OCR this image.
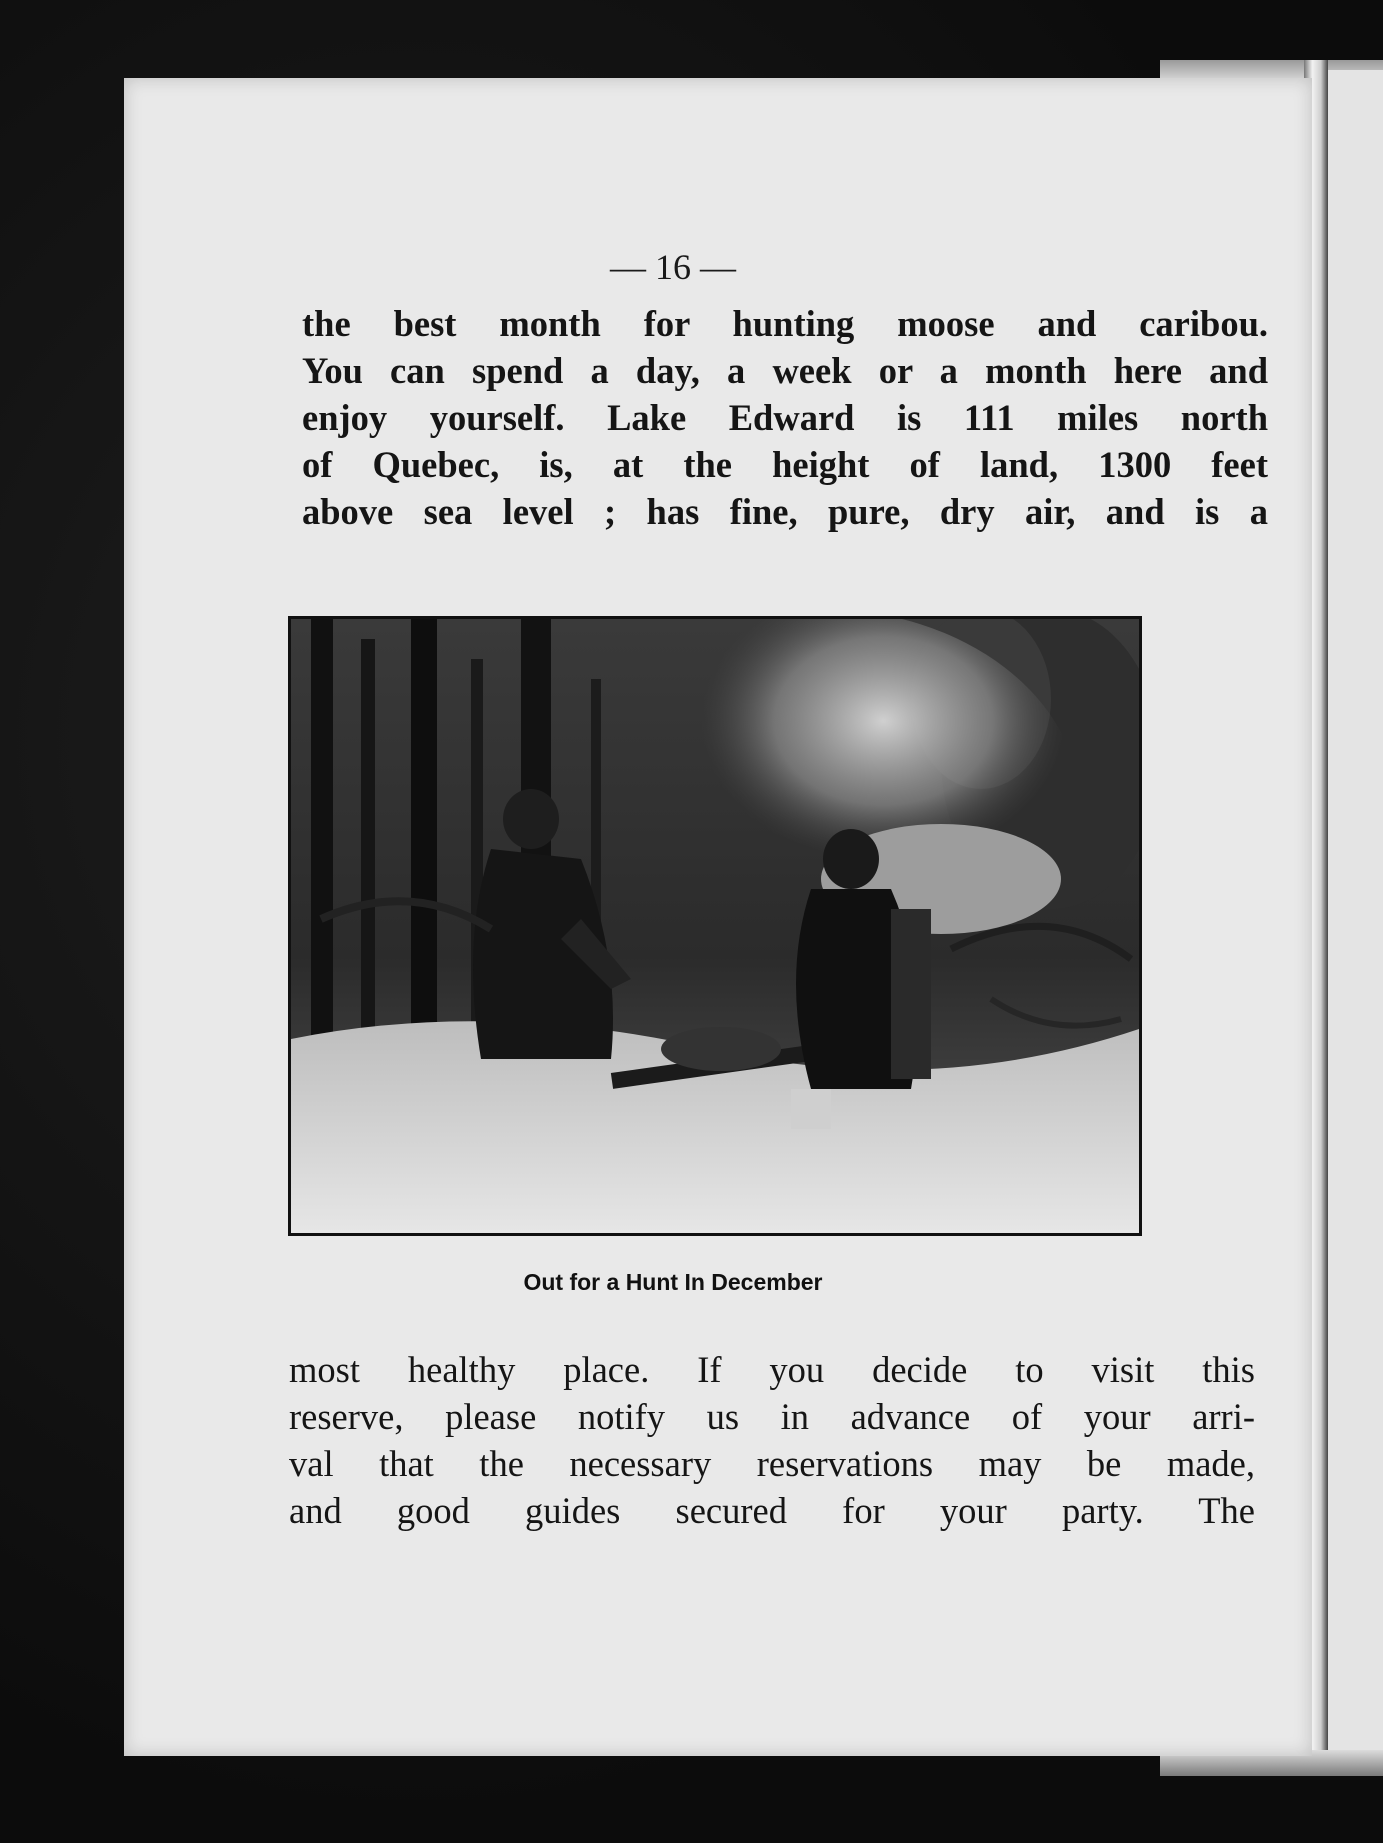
— 16 —

the best month for hunting moose and caribou.
You can spend a day, a week or a month here and
enjoy yourself. Lake Edward is 111 miles north
of Quebec, is, at the height of land, 1300 feet
above sea level ; has fine, pure, dry air, and is a

Out for a Hunt In December

most healthy place. If you decide to visit this
reserve, please notify us in advance of your arri-
val that the necessary reservations may be made,
and good guides secured for your party. The
